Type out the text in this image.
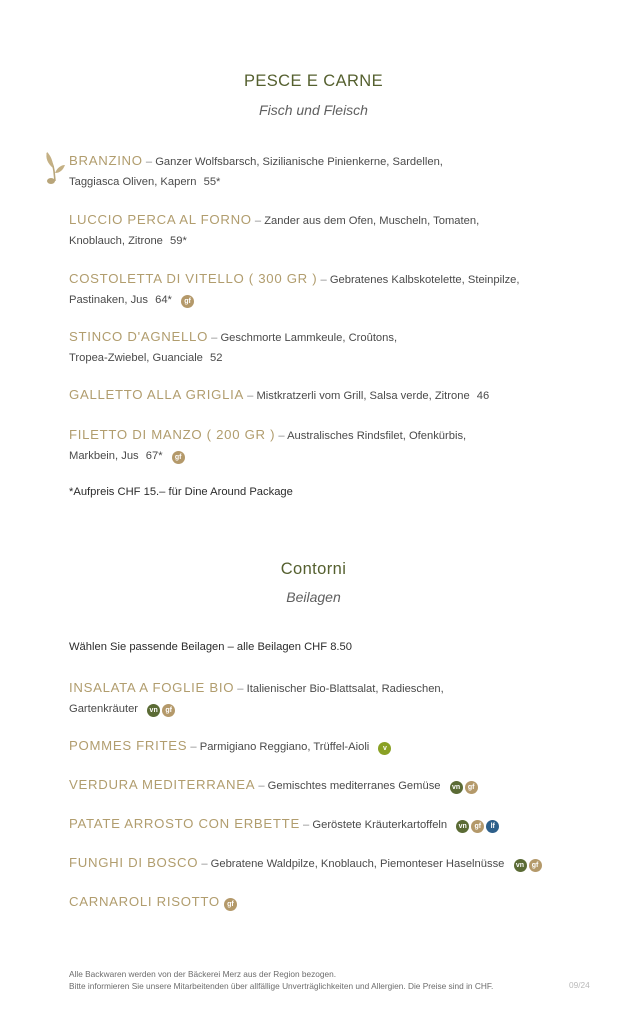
PESCE E CARNE
Fisch und Fleisch
BRANZINO – Ganzer Wolfsbarsch, Sizilianische Pinienkerne, Sardellen,
Taggiasca Oliven, Kapern 55*
LUCCIO PERCA AL FORNO – Zander aus dem Ofen, Muscheln, Tomaten,
Knoblauch, Zitrone 59*
COSTOLETTA DI VITELLO ( 300 GR ) – Gebratenes Kalbskotelette, Steinpilze,
Pastinaken, Jus 64* gf
STINCO D'AGNELLO – Geschmorte Lammkeule, Croûtons,
Tropea-Zwiebel, Guanciale 52
GALLETTO ALLA GRIGLIA – Mistkratzerli vom Grill, Salsa verde, Zitrone 46
FILETTO DI MANZO ( 200 GR ) – Australisches Rindsfilet, Ofenkürbis,
Markbein, Jus 67* gf
*Aufpreis CHF 15.– für Dine Around Package
Contorni
Beilagen
Wählen Sie passende Beilagen – alle Beilagen CHF 8.50
INSALATA A FOGLIE BIO – Italienischer Bio-Blattsalat, Radieschen,
Gartenkräuter vn gf
POMMES FRITES – Parmigiano Reggiano, Trüffel-Aioli v
VERDURA MEDITERRANEA – Gemischtes mediterranes Gemüse vn gf
PATATE ARROSTO CON ERBETTE – Geröstete Kräuterkartoffeln vn gf lf
FUNGHI DI BOSCO – Gebratene Waldpilze, Knoblauch, Piemonteser Haselnüsse vn gf
CARNAROLI RISOTTO gf
Alle Backwaren werden von der Bäckerei Merz aus der Region bezogen.
Bitte informieren Sie unsere Mitarbeitenden über allfällige Unverträglichkeiten und Allergien. Die Preise sind in CHF.	09/24
